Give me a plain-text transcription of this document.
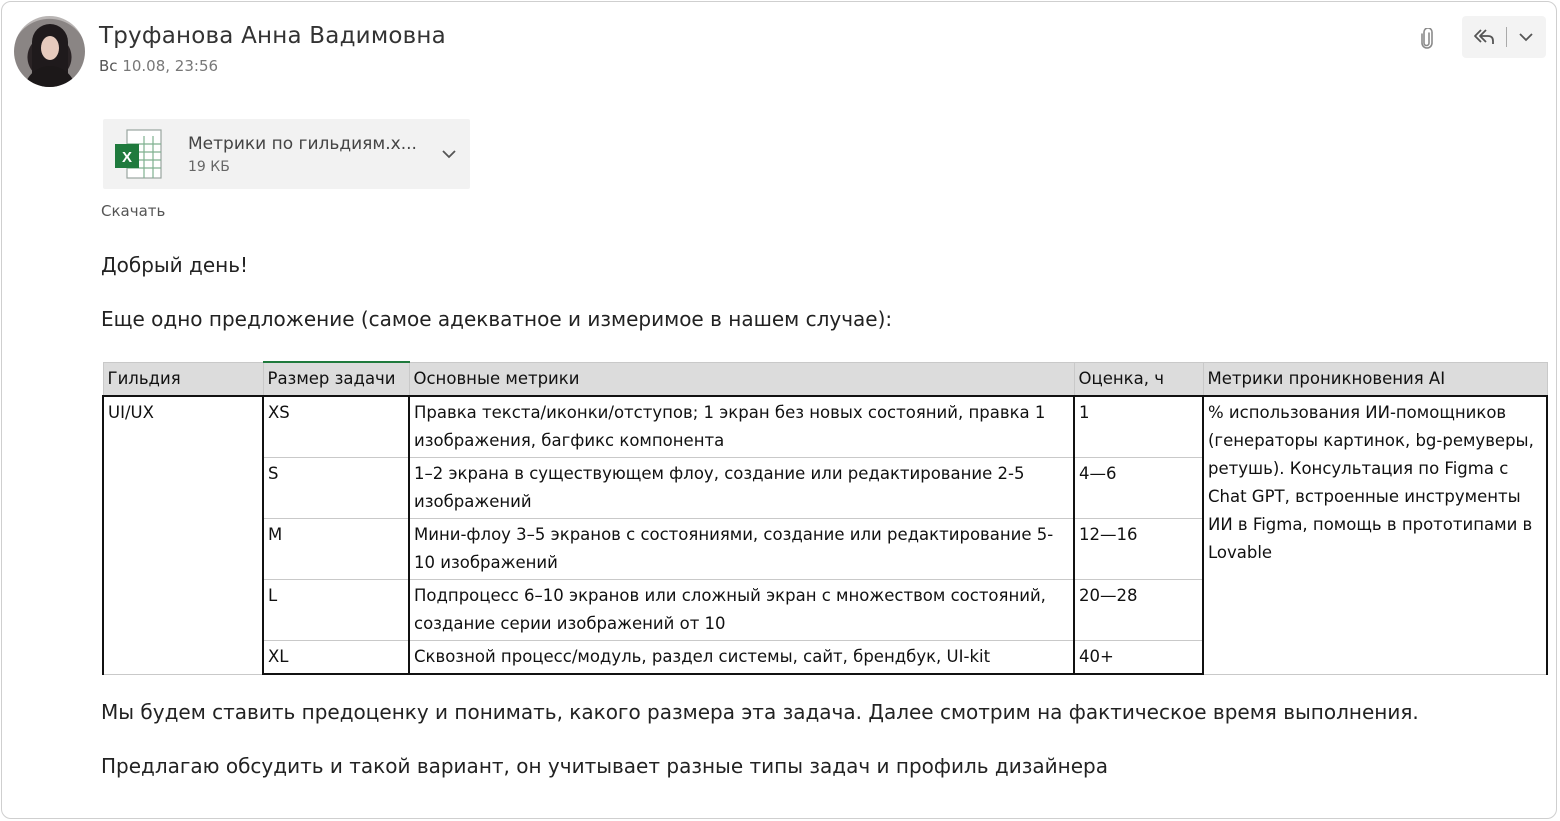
Труфанова Анна Вадимовна
Вс 10.08, 23:56
X
Метрики по гильдиям.x...
19 КБ
Скачать
Добрый день!
Еще одно предложение (самое адекватное и измеримое в нашем случае):
Гильдия	Размер задачи	Основные метрики	Оценка, ч	Метрики проникновения AI
UI/UX	XS	Правка текста/иконки/отступов; 1 экран без новых состояний, правка 1 изображения, багфикс компонента	1	% использования ИИ-помощников (генераторы картинок, bg-ремуверы, ретушь). Консультация по Figma с Chat GPT, встроенные инструменты ИИ в Figma, помощь в прототипами в Lovable
	S	1–2 экрана в существующем флоу, создание или редактирование 2-5 изображений	4—6	
	M	Мини-флоу 3–5 экранов с состояниями, создание или редактирование 5-10 изображений	12—16	
	L	Подпроцесс 6–10 экранов или сложный экран с множеством состояний, создание серии изображений от 10	20—28	
	XL	Сквозной процесс/модуль, раздел системы, сайт, брендбук, UI-kit	40+	
Мы будем ставить предоценку и понимать, какого размера эта задача. Далее смотрим на фактическое время выполнения.
Предлагаю обсудить и такой вариант, он учитывает разные типы задач и профиль дизайнера
